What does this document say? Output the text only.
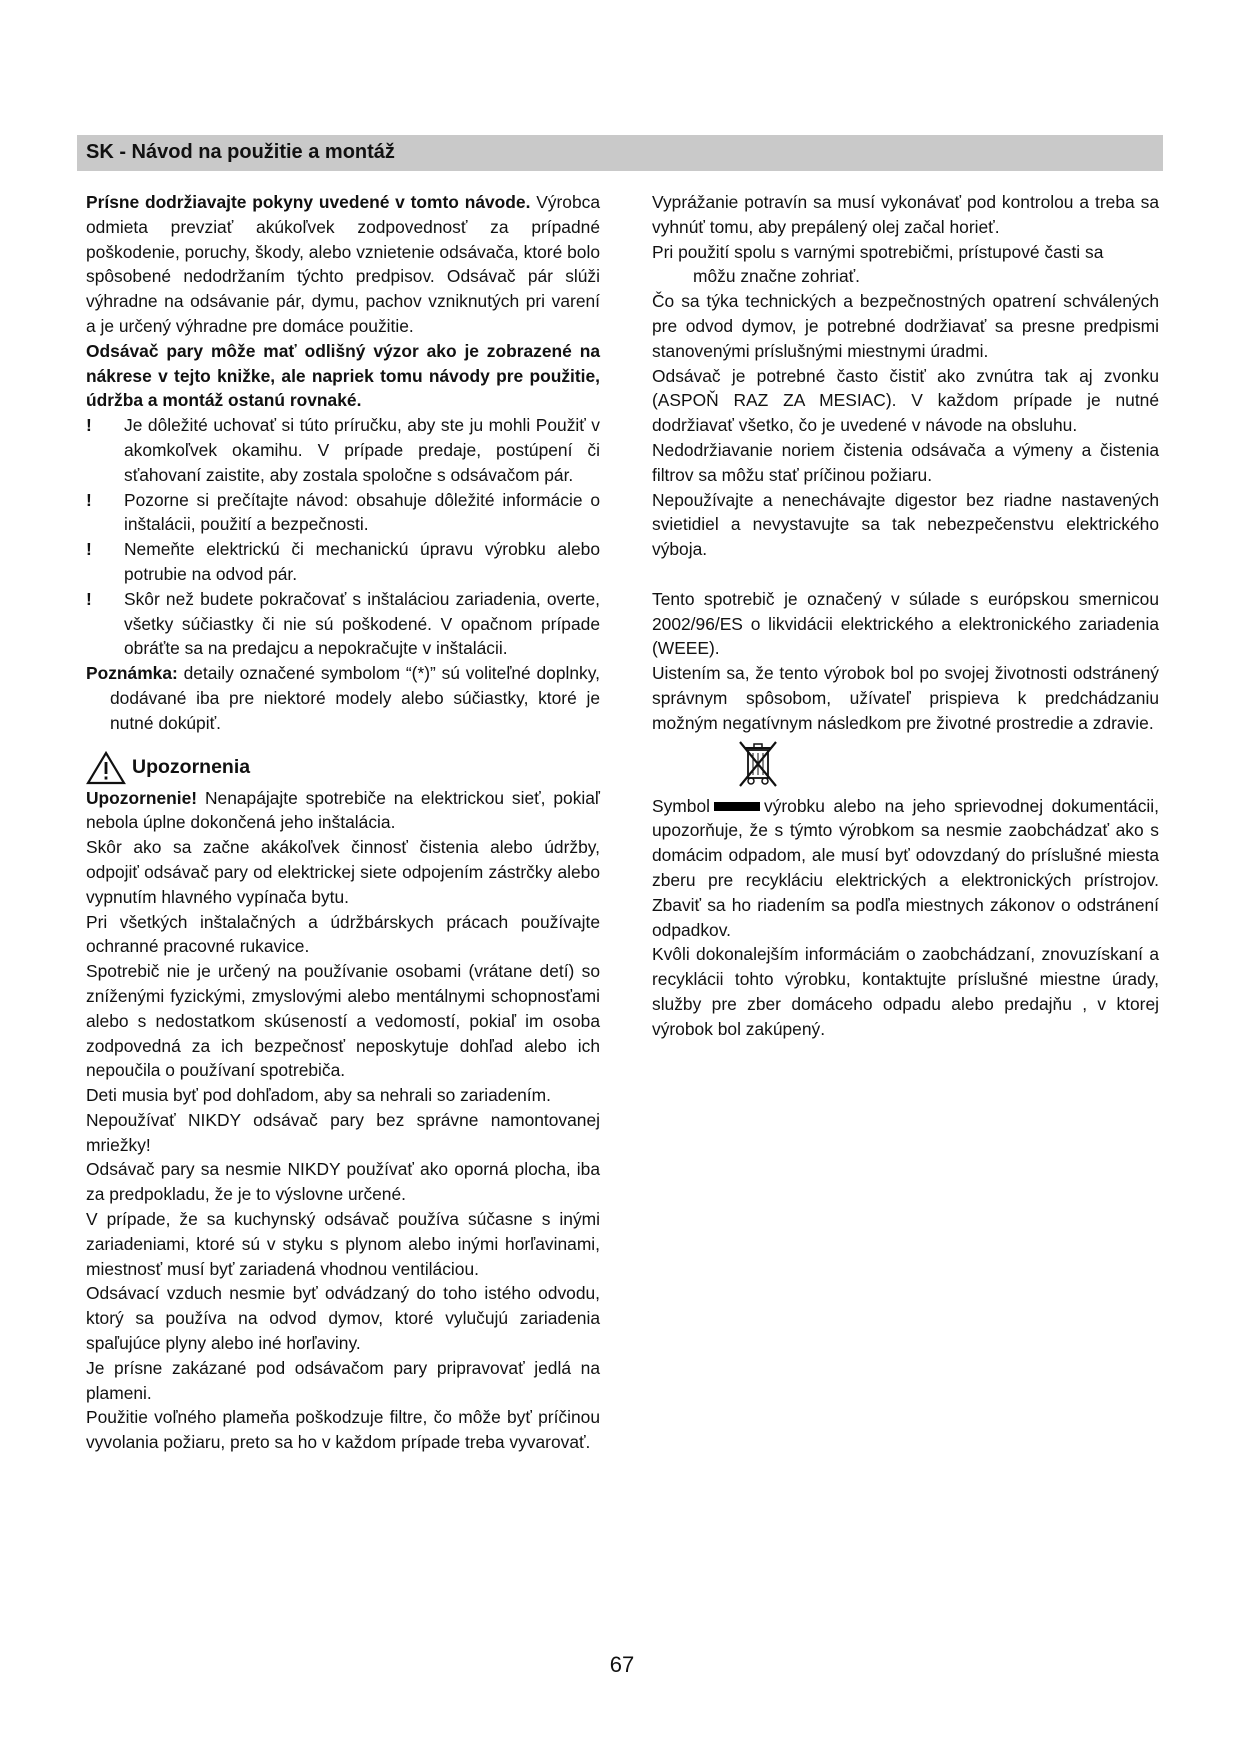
SK - Návod na použitie a montáž

Prísne dodržiavajte pokyny uvedené v tomto návode. Výrobca odmieta prevziať akúkoľvek zodpovednosť za prípadné poškodenie, poruchy, škody, alebo vznietenie odsávača, ktoré bolo spôsobené nedodržaním týchto predpisov. Odsávač pár slúži výhradne na odsávanie pár, dymu, pachov vzniknutých pri varení a je určený výhradne pre domáce použitie.

Odsávač pary môže mať odlišný výzor ako je zobrazené na nákrese v tejto knižke, ale napriek tomu návody pre použitie, údržba a montáž ostanú rovnaké.

!	Je dôležité uchovať si túto príručku, aby ste ju mohli Použiť v akomkoľvek okamihu. V prípade predaje, postúpení či sťahovaní zaistite, aby zostala spoločne s odsávačom pár.
!	Pozorne si prečítajte návod: obsahuje dôležité informácie o inštalácii, použití a bezpečnosti.
!	Nemeňte elektrickú či mechanickú úpravu výrobku alebo potrubie na odvod pár.
!	Skôr než budete pokračovať s inštaláciou zariadenia, overte, všetky súčiastky či nie sú poškodené. V opačnom prípade obráťte sa na predajcu a nepokračujte v inštalácii.

Poznámka: detaily označené symbolom “(*)” sú voliteľné doplnky, dodávané iba pre niektoré modely alebo súčiastky, ktoré je nutné dokúpiť.

Upozornenia

Upozornenie! Nenapájajte spotrebiče na elektrickou sieť, pokiaľ nebola úplne dokončená jeho inštalácia.

Skôr ako sa začne akákoľvek činnosť čistenia alebo údržby, odpojiť odsávač pary od elektrickej siete odpojením zástrčky alebo vypnutím hlavného vypínača bytu.

Pri všetkých inštalačných a údržbárskych prácach používajte ochranné pracovné rukavice.

Spotrebič nie je určený na používanie osobami (vrátane detí) so zníženými fyzickými, zmyslovými alebo mentálnymi schopnosťami alebo s nedostatkom skúseností a vedomostí, pokiaľ im osoba zodpovedná za ich bezpečnosť neposkytuje dohľad alebo ich nepoučila o používaní spotrebiča.

Deti musia byť pod dohľadom, aby sa nehrali so zariadením.

Nepoužívať NIKDY odsávač pary bez správne namontovanej mriežky!

Odsávač pary sa nesmie NIKDY používať ako oporná plocha, iba za predpokladu, že je to výslovne určené.

V prípade, že sa kuchynský odsávač používa súčasne s inými zariadeniami, ktoré sú v styku s plynom alebo inými horľavinami, miestnosť musí byť zariadená vhodnou ventiláciou.

Odsávací vzduch nesmie byť odvádzaný do toho istého odvodu, ktorý sa používa na odvod dymov, ktoré vylučujú zariadenia spaľujúce plyny alebo iné horľaviny.

Je prísne zakázané pod odsávačom pary pripravovať jedlá na plameni.

Použitie voľného plameňa poškodzuje filtre, čo môže byť príčinou vyvolania požiaru, preto sa ho v každom prípade treba vyvarovať.

Vyprážanie potravín sa musí vykonávať pod kontrolou a treba sa vyhnúť tomu, aby prepálený olej začal horieť.

Pri použití spolu s varnými spotrebičmi, prístupové časti sa

môžu značne zohriať.

Čo sa týka technických a bezpečnostných opatrení schválených pre odvod dymov, je potrebné dodržiavať sa presne predpismi stanovenými príslušnými miestnymi úradmi.

Odsávač je potrebné často čistiť ako zvnútra tak aj zvonku (ASPOŇ RAZ ZA MESIAC). V každom prípade je nutné dodržiavať všetko, čo je uvedené v návode na obsluhu.

Nedodržiavanie noriem čistenia odsávača a výmeny a čistenia filtrov sa môžu stať príčinou požiaru.

Nepoužívajte a nenechávajte digestor bez riadne nastavených svietidiel a nevystavujte sa tak nebezpečenstvu elektrického výboja.

Tento spotrebič je označený v súlade s európskou smernicou 2002/96/ES o likvidácii elektrického a elektronického zariadenia (WEEE).

Uistením sa, že tento výrobok bol po svojej životnosti odstránený správnym spôsobom, užívateľ prispieva k predchádzaniu možným negatívnym následkom pre životné prostredie a zdravie.

Symbol	výrobku alebo na jeho sprievodnej dokumentácii, upozorňuje, že s týmto výrobkom sa nesmie zaobchádzať ako s domácim odpadom, ale musí byť odovzdaný do príslušné miesta zberu pre recykláciu elektrických a elektronických prístrojov. Zbaviť sa ho riadením sa podľa miestnych zákonov o odstránení odpadkov.

Kvôli dokonalejším informáciám o zaobchádzaní, znovuzískaní a recyklácii tohto výrobku, kontaktujte príslušné miestne úrady, služby pre zber domáceho odpadu alebo predajňu , v ktorej výrobok bol zakúpený.

67
